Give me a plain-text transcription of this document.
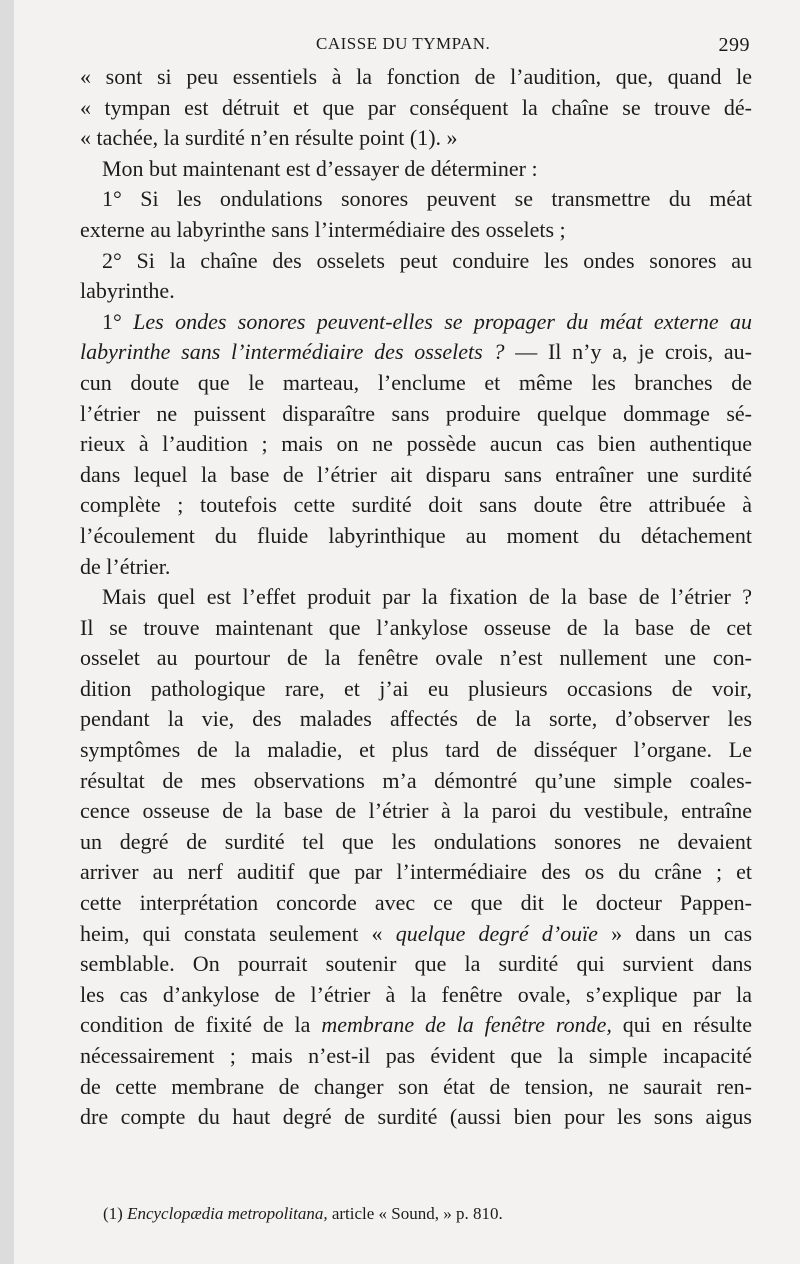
CAISSE DU TYMPAN.	299
« sont si peu essentiels à la fonction de l’audition, que, quand le
« tympan est détruit et que par conséquent la chaîne se trouve dé-
« tachée, la surdité n’en résulte point (1). »
Mon but maintenant est d’essayer de déterminer :
1° Si les ondulations sonores peuvent se transmettre du méat
externe au labyrinthe sans l’intermédiaire des osselets ;
2° Si la chaîne des osselets peut conduire les ondes sonores au
labyrinthe.
1° Les ondes sonores peuvent-elles se propager du méat externe au
labyrinthe sans l’intermédiaire des osselets ? — Il n’y a, je crois, au-
cun doute que le marteau, l’enclume et même les branches de
l’étrier ne puissent disparaître sans produire quelque dommage sé-
rieux à l’audition ; mais on ne possède aucun cas bien authentique
dans lequel la base de l’étrier ait disparu sans entraîner une surdité
complète ; toutefois cette surdité doit sans doute être attribuée à
l’écoulement du fluide labyrinthique au moment du détachement
de l’étrier.
Mais quel est l’effet produit par la fixation de la base de l’étrier ?
Il se trouve maintenant que l’ankylose osseuse de la base de cet
osselet au pourtour de la fenêtre ovale n’est nullement une con-
dition pathologique rare, et j’ai eu plusieurs occasions de voir,
pendant la vie, des malades affectés de la sorte, d’observer les
symptômes de la maladie, et plus tard de disséquer l’organe. Le
résultat de mes observations m’a démontré qu’une simple coales-
cence osseuse de la base de l’étrier à la paroi du vestibule, entraîne
un degré de surdité tel que les ondulations sonores ne devaient
arriver au nerf auditif que par l’intermédiaire des os du crâne ; et
cette interprétation concorde avec ce que dit le docteur Pappen-
heim, qui constata seulement « quelque degré d’ouïe » dans un cas
semblable. On pourrait soutenir que la surdité qui survient dans
les cas d’ankylose de l’étrier à la fenêtre ovale, s’explique par la
condition de fixité de la membrane de la fenêtre ronde, qui en résulte
nécessairement ; mais n’est-il pas évident que la simple incapacité
de cette membrane de changer son état de tension, ne saurait ren-
dre compte du haut degré de surdité (aussi bien pour les sons aigus
(1) Encyclopædia metropolitana, article « Sound, » p. 810.
